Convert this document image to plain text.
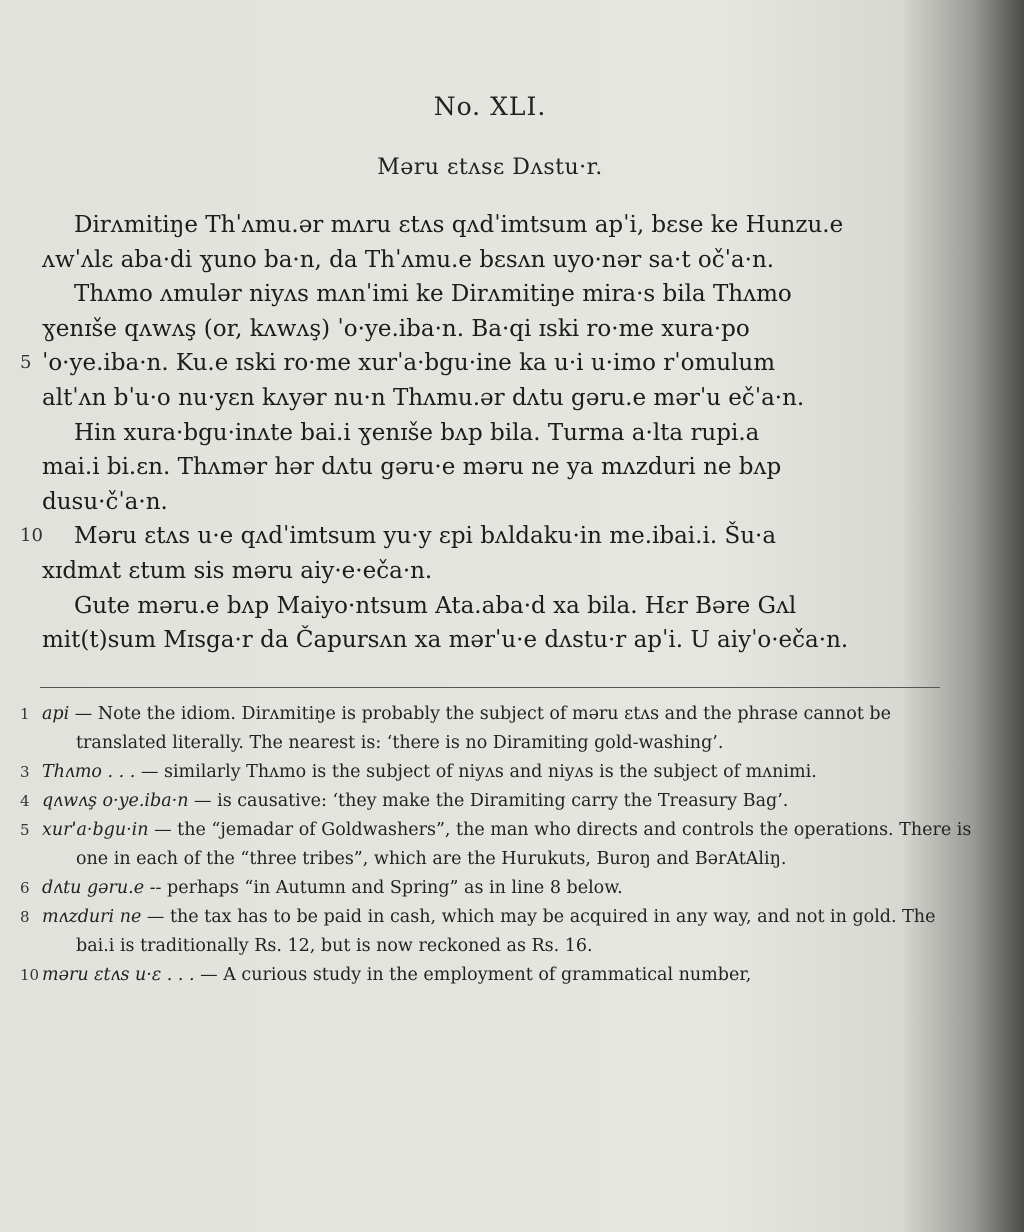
No. XLI.
Məru ɛtʌsɛ Dʌstu·r.
Dirʌmitiŋe Thˈʌmu.ər mʌru ɛtʌs qʌdˈimtsum apˈi, bɛse ke Hunzu.e
ʌwˈʌlɛ aba·di ɣuno ba·n, da Thˈʌmu.e bɛsʌn uyo·nər sa·t očˈa·n.
Thʌmo ʌmulər niyʌs mʌnˈimi ke Dirʌmitiŋe mira·s bila Thʌmo
ɣenɪše qʌwʌş (or, kʌwʌş) ˈo·ye.iba·n. Ba·qi ɪski ro·me xura·po
5 ˈo·ye.iba·n. Ku.e ɪski ro·me xurˈa·bgu·ine ka u·i u·imo rˈomulum
altˈʌn bˈu·o nu·yɛn kʌyər nu·n Thʌmu.ər dʌtu gəru.e mərˈu ečˈa·n.
Hin xura·bgu·inʌte bai.i ɣenɪše bʌp bila. Turma a·lta rupi.a
mai.i bi.ɛn. Thʌmər hər dʌtu gəru·e məru ne ya mʌzduri ne bʌp
dusu·čˈa·n.
10 Məru ɛtʌs u·e qʌdˈimtsum yu·y ɛpi bʌldaku·in me.ibai.i. Šu·a
xɪdmʌt ɛtum sis məru aiy·e·eča·n.
Gute məru.e bʌp Maiyo·ntsum Ata.aba·d xa bila. Hɛr Bəre Gʌl
mit(t)sum Mɪsga·r da Čapursʌn xa mərˈu·e dʌstu·r apˈi. U aiyˈo·eča·n.
1 api — Note the idiom. Dirʌmitiŋe is probably the subject of məru ɛtʌs and the phrase cannot be translated literally. The nearest is: ‘there is no Diramiting gold-washing’.
3 Thʌmo . . . — similarly Thʌmo is the subject of niyʌs and niyʌs is the subject of mʌnimi.
4 qʌwʌş o·ye.iba·n — is causative: ‘they make the Diramiting carry the Treasury Bag’.
5 xurˈa·bgu·in — the “jemadar of Goldwashers”, the man who directs and controls the operations. There is one in each of the “three tribes”, which are the Hurukuts, Buroŋ and BərAtAliŋ.
6 dʌtu gəru.e -- perhaps “in Autumn and Spring” as in line 8 below.
8 mʌzduri ne — the tax has to be paid in cash, which may be acquired in any way, and not in gold. The bai.i is traditionally Rs. 12, but is now reckoned as Rs. 16.
10 məru ɛtʌs u·ɛ . . . — A curious study in the employment of grammatical number,
